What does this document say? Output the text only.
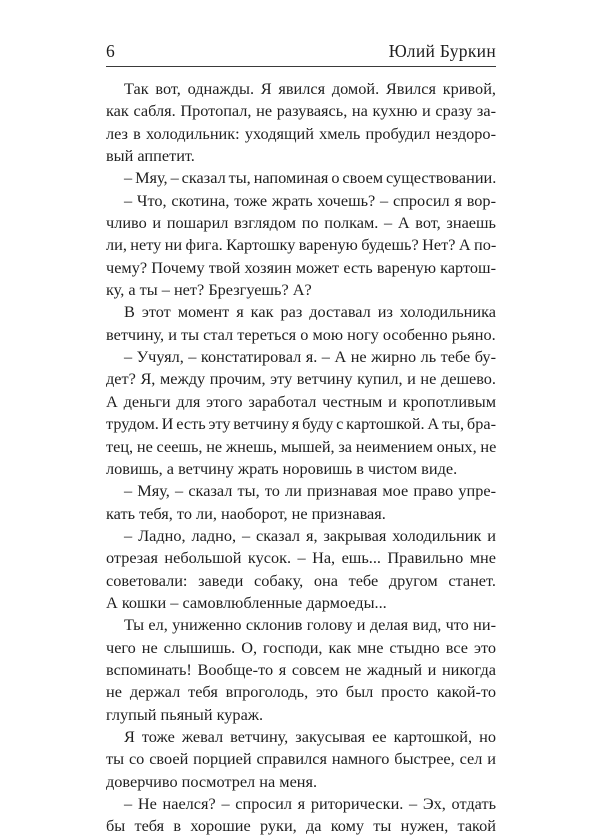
6	Юлий Буркин
Так вот, однажды. Я явился домой. Явился кривой,
как сабля. Протопал, не разуваясь, на кухню и сразу за-
лез в холодильник: уходящий хмель пробудил нездоро-
вый аппетит.
– Мяу, – сказал ты, напоминая о своем существовании.
– Что, скотина, тоже жрать хочешь? – спросил я вор-
чливо и пошарил взглядом по полкам. – А вот, знаешь
ли, нету ни фига. Картошку вареную будешь? Нет? А по-
чему? Почему твой хозяин может есть вареную картош-
ку, а ты – нет? Брезгуешь? А?
В этот момент я как раз доставал из холодильника
ветчину, и ты стал тереться о мою ногу особенно рьяно.
– Учуял, – констатировал я. – А не жирно ль тебе бу-
дет? Я, между прочим, эту ветчину купил, и не дешево.
А деньги для этого заработал честным и кропотливым
трудом. И есть эту ветчину я буду с картошкой. А ты, бра-
тец, не сеешь, не жнешь, мышей, за неимением оных, не
ловишь, а ветчину жрать норовишь в чистом виде.
– Мяу, – сказал ты, то ли признавая мое право упре-
кать тебя, то ли, наоборот, не признавая.
– Ладно, ладно, – сказал я, закрывая холодильник и
отрезая небольшой кусок. – На, ешь... Правильно мне
советовали: заведи собаку, она тебе другом станет.
А кошки – самовлюбленные дармоеды...
Ты ел, униженно склонив голову и делая вид, что ни-
чего не слышишь. О, господи, как мне стыдно все это
вспоминать! Вообще-то я совсем не жадный и никогда
не держал тебя впроголодь, это был просто какой-то
глупый пьяный кураж.
Я тоже жевал ветчину, закусывая ее картошкой, но
ты со своей порцией справился намного быстрее, сел и
доверчиво посмотрел на меня.
– Не наелся? – спросил я риторически. – Эх, отдать
бы тебя в хорошие руки, да кому ты нужен, такой
